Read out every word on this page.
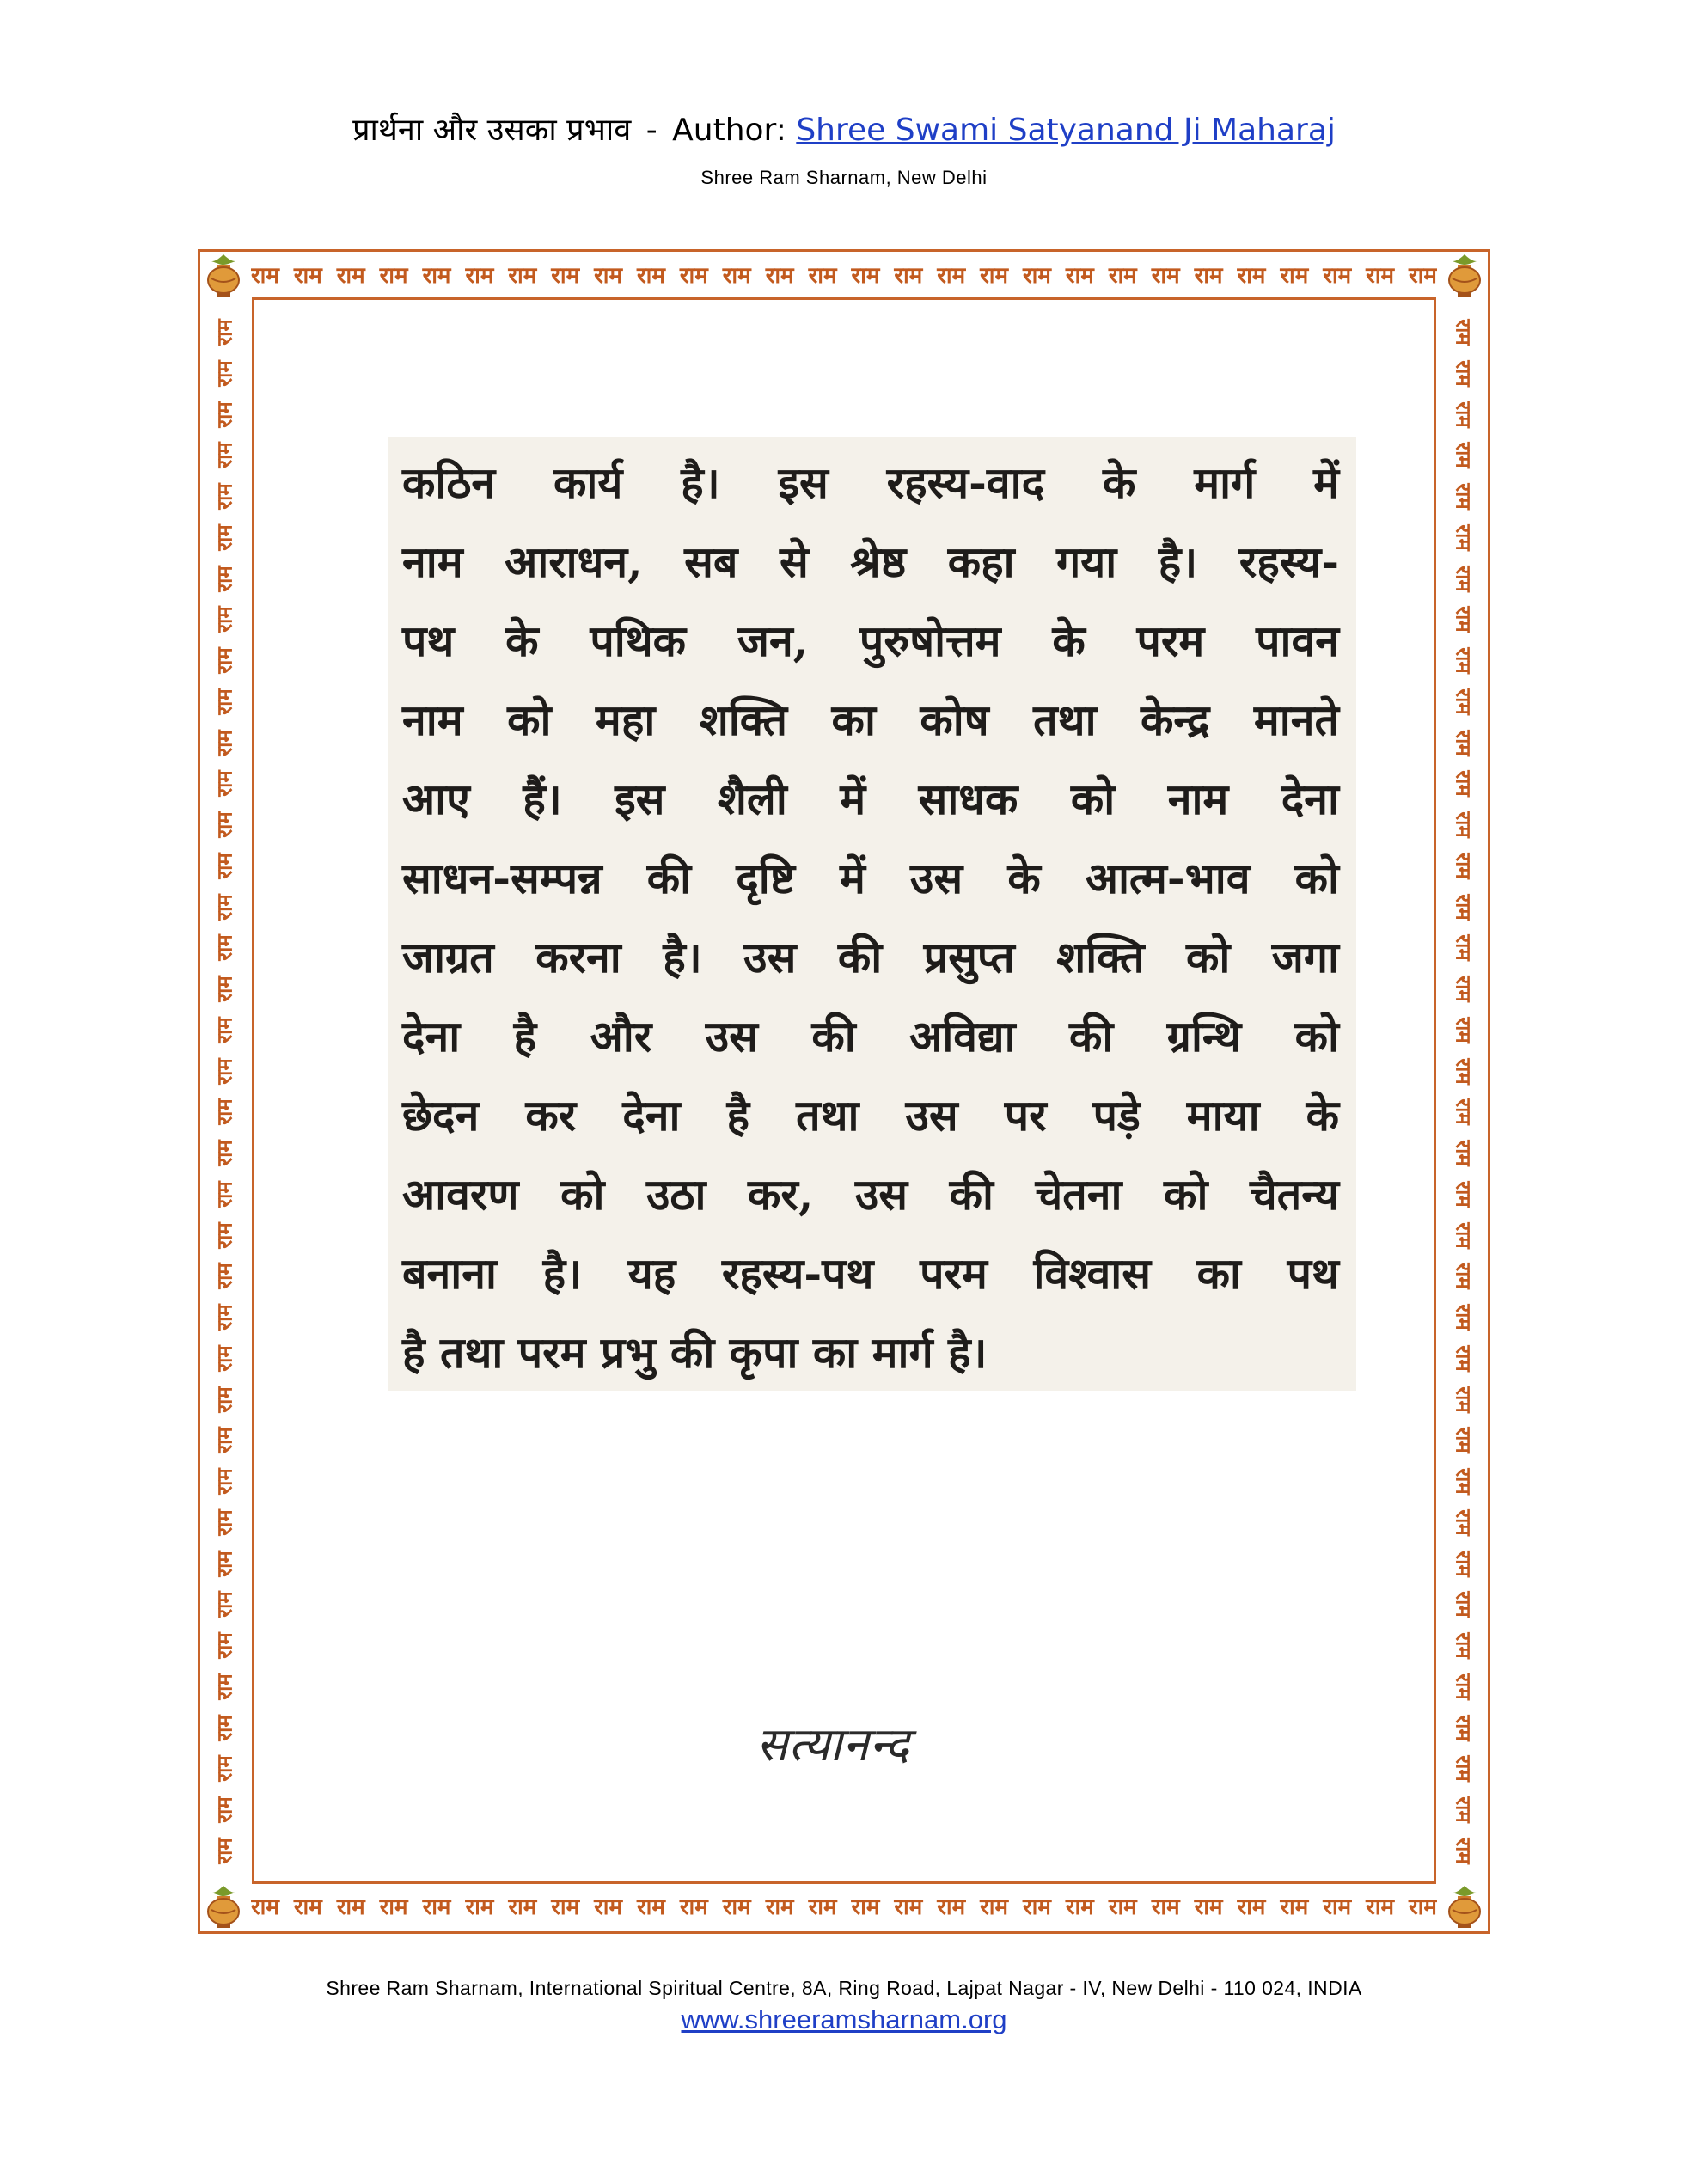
प्रार्थना और उसका प्रभाव - Author: Shree Swami Satyanand Ji Maharaj
Shree Ram Sharnam, New Delhi
राम राम राम राम राम राम राम राम राम राम राम राम राम राम राम राम राम राम राम राम राम राम राम राम राम राम राम राम
राम राम राम राम राम राम राम राम राम राम राम राम राम राम राम राम राम राम राम राम राम राम राम राम राम राम राम राम
राम
राम
राम
राम
राम
राम
राम
राम
राम
राम
राम
राम
राम
राम
राम
राम
राम
राम
राम
राम
राम
राम
राम
राम
राम
राम
राम
राम
राम
राम
राम
राम
राम
राम
राम
राम
राम
राम
राम
राम
राम
राम
राम
राम
राम
राम
राम
राम
राम
राम
राम
राम
राम
राम
राम
राम
राम
राम
राम
राम
राम
राम
राम
राम
राम
राम
राम
राम
राम
राम
राम
राम
राम
राम
राम
राम

कठिन कार्य है। इस रहस्य-वाद के मार्ग में

नाम आराधन, सब से श्रेष्ठ कहा गया है। रहस्य-

पथ के पथिक जन, पुरुषोत्तम के परम पावन

नाम को महा शक्ति का कोष तथा केन्द्र मानते

आए हैं। इस शैली में साधक को नाम देना

साधन-सम्पन्न की दृष्टि में उस के आत्म-भाव को

जाग्रत करना है। उस की प्रसुप्त शक्ति को जगा

देना है और उस की अविद्या की ग्रन्थि को

छेदन कर देना है तथा उस पर पड़े माया के

आवरण को उठा कर, उस की चेतना को चैतन्य

बनाना है। यह रहस्य-पथ परम विश्वास का पथ

है तथा परम प्रभु की कृपा का मार्ग है।

सत्यानन्द
Shree Ram Sharnam, International Spiritual Centre, 8A, Ring Road, Lajpat Nagar - IV, New Delhi - 110 024, INDIA
www.shreeramsharnam.org
